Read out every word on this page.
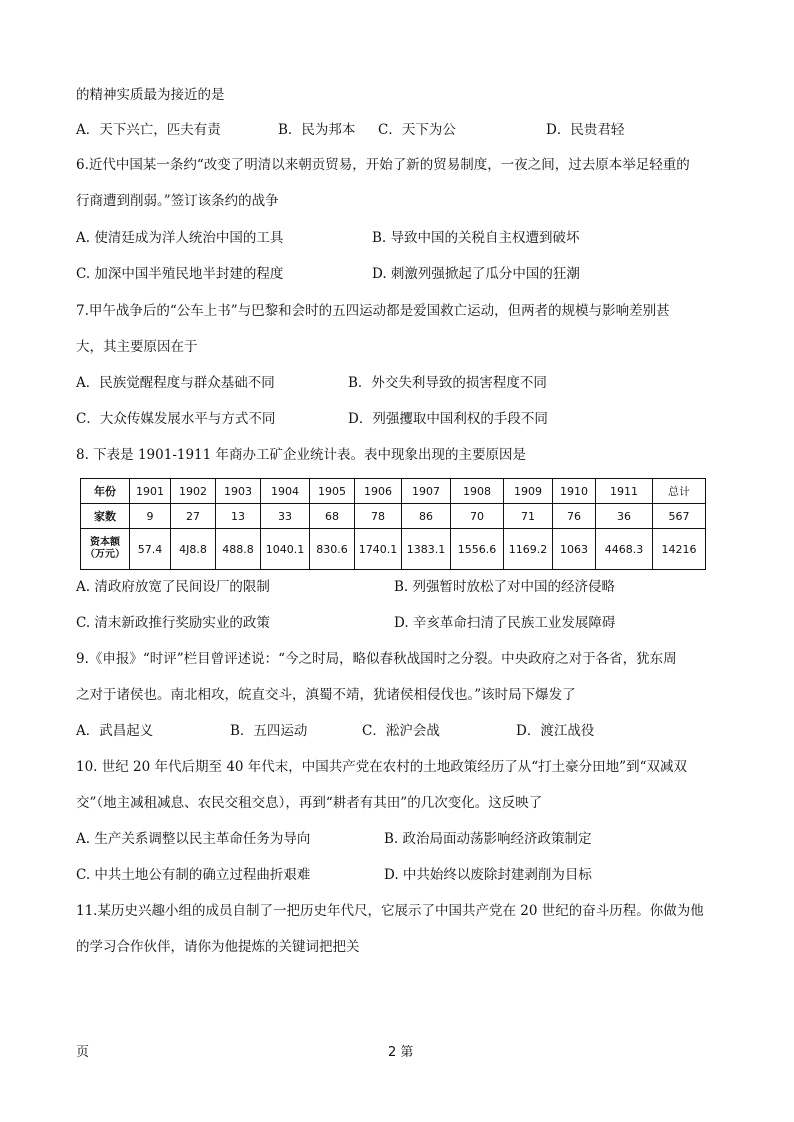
的精神实质最为接近的是
A．天下兴亡，匹夫有责	B．民为邦本 C．天下为公	D．民贵君轻
6.近代中国某一条约“改变了明清以来朝贡贸易，开始了新的贸易制度，一夜之间，过去原本举足轻重的
行商遭到削弱。”签订该条约的战争
A. 使清廷成为洋人统治中国的工具	B. 导致中国的关税自主权遭到破坏
C. 加深中国半殖民地半封建的程度	D. 刺激列强掀起了瓜分中国的狂潮
7.甲午战争后的“公车上书”与巴黎和会时的五四运动都是爱国救亡运动，但两者的规模与影响差别甚
大，其主要原因在于
A．民族觉醒程度与群众基础不同	B．外交失利导致的损害程度不同
C．大众传媒发展水平与方式不同	D．列强攫取中国利权的手段不同
8. 下表是 1901-1911 年商办工矿企业统计表。表中现象出现的主要原因是
年份	1901	1902	1903	1904	1905	1906	1907	1908	1909	1910	1911	总计
家数	9	27	13	33	68	78	86	70	71	76	36	567
资本额（万元）	57.4	4J8.8	488.8	1040.1	830.6	1740.1	1383.1	1556.6	1169.2	1063	4468.3	14216
A. 清政府放宽了民间设厂的限制	B. 列强暂时放松了对中国的经济侵略
C. 清末新政推行奖励实业的政策	D. 辛亥革命扫清了民族工业发展障碍
9.《申报》“时评”栏目曾评述说：“今之时局，略似春秋战国时之分裂。中央政府之对于各省，犹东周
之对于诸侯也。南北相攻，皖直交斗，滇蜀不靖，犹诸侯相侵伐也。”该时局下爆发了
A．武昌起义	B．五四运动	C．淞沪会战	D．渡江战役
10. 世纪 20 年代后期至 40 年代末，中国共产党在农村的土地政策经历了从“打土豪分田地”到“双减双
交”（地主减租减息、农民交租交息），再到“耕者有其田”的几次变化。这反映了
A. 生产关系调整以民主革命任务为导向	B. 政治局面动荡影响经济政策制定
C. 中共土地公有制的确立过程曲折艰难	D. 中共始终以废除封建剥削为目标
11.某历史兴趣小组的成员自制了一把历史年代尺，它展示了中国共产党在 20 世纪的奋斗历程。你做为他
的学习合作伙伴，请你为他提炼的关键词把把关
页	2 第
